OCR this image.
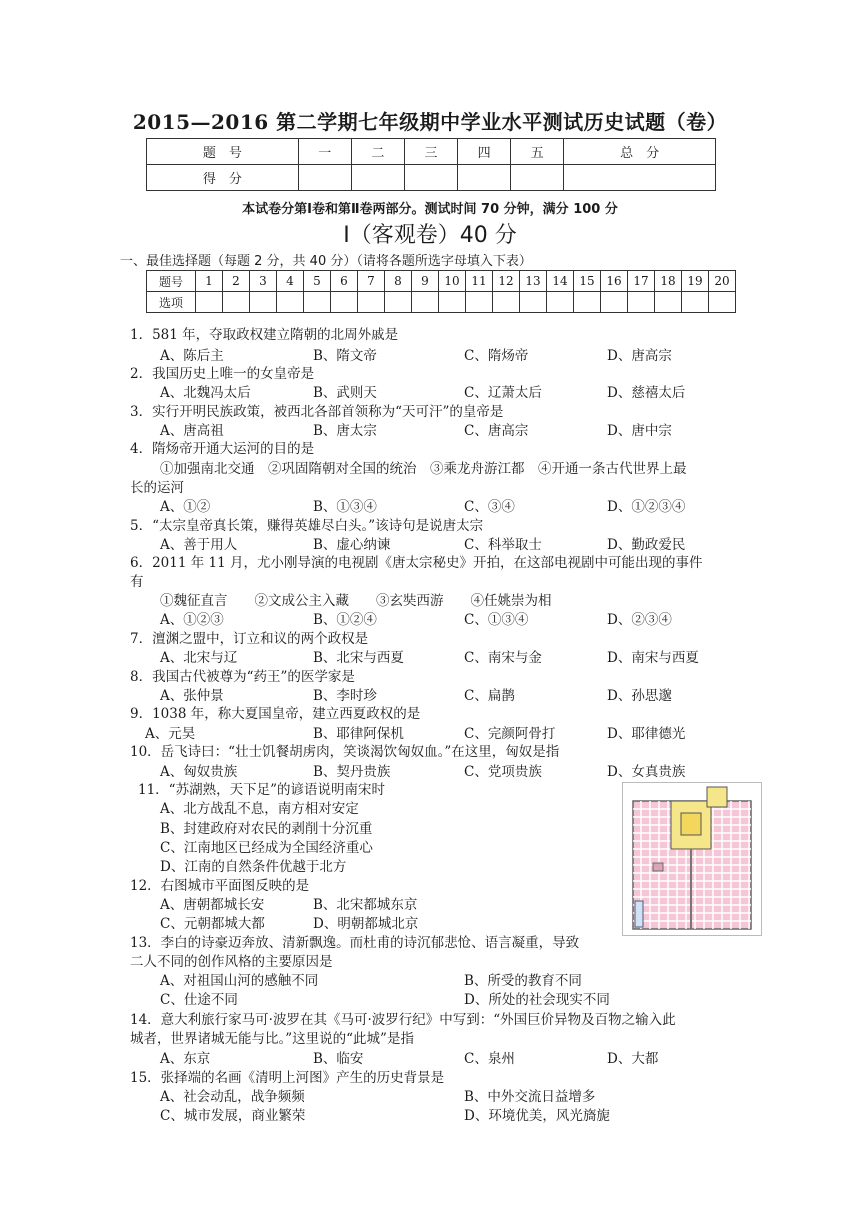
2015—2016 第二学期七年级期中学业水平测试历史试题（卷）
题　号	一	二	三	四	五	总　分
得　分						
本试卷分第Ⅰ卷和第Ⅱ卷两部分。测试时间 70 分钟，满分 100 分
Ⅰ（客观卷）40 分
一、最佳选择题（每题 2 分，共 40 分）（请将各题所选字母填入下表）
题号	1	2	3	4	5	6	7	8	9	10	11	12	13	14	15	16	17	18	19	20
选项																				
1．581 年，夺取政权建立隋朝的北周外戚是
A、陈后主	B、隋文帝	C、隋炀帝	D、唐高宗
2．我国历史上唯一的女皇帝是
A、北魏冯太后	B、武则天	C、辽萧太后	D、慈禧太后
3．实行开明民族政策，被西北各部首领称为“天可汗”的皇帝是
A、唐高祖	B、唐太宗	C、唐高宗	D、唐中宗
4．隋炀帝开通大运河的目的是
①加强南北交通　②巩固隋朝对全国的统治　③乘龙舟游江都　④开通一条古代世界上最
长的运河
A、①②	B、①③④	C、③④	D、①②③④
5．“太宗皇帝真长策，赚得英雄尽白头。”该诗句是说唐太宗
A、善于用人	B、虚心纳谏	C、科举取士	D、勤政爱民
6．2011 年 11 月，尤小刚导演的电视剧《唐太宗秘史》开拍，在这部电视剧中可能出现的事件
有
①魏征直言　　②文成公主入藏　　③玄奘西游　　④任姚崇为相
A、①②③	B、①②④	C、①③④	D、②③④
7．澶渊之盟中，订立和议的两个政权是
A、北宋与辽	B、北宋与西夏	C、南宋与金	D、南宋与西夏
8．我国古代被尊为“药王”的医学家是
A、张仲景	B、李时珍	C、扁鹊	D、孙思邈
9．1038 年，称大夏国皇帝，建立西夏政权的是
A、元昊	B、耶律阿保机	C、完颜阿骨打	D、耶律德光
10．岳飞诗曰：“壮士饥餐胡虏肉，笑谈渴饮匈奴血。”在这里，匈奴是指
A、匈奴贵族	B、契丹贵族	C、党项贵族	D、女真贵族
11．“苏湖熟，天下足”的谚语说明南宋时
A、北方战乱不息，南方相对安定
B、封建政府对农民的剥削十分沉重
C、江南地区已经成为全国经济重心
D、江南的自然条件优越于北方
12．右图城市平面图反映的是
A、唐朝都城长安	B、北宋都城东京
C、元朝都城大都	D、明朝都城北京
13．李白的诗豪迈奔放、清新飘逸。而杜甫的诗沉郁悲怆、语言凝重，导致
二人不同的创作风格的主要原因是
A、对祖国山河的感触不同	B、所受的教育不同
C、仕途不同	D、所处的社会现实不同
14．意大利旅行家马可·波罗在其《马可·波罗行纪》中写到：“外国巨价异物及百物之输入此
城者，世界诸城无能与比。”这里说的“此城”是指
A、东京	B、临安	C、泉州	D、大都
15．张择端的名画《清明上河图》产生的历史背景是
A、社会动乱，战争频频	B、中外交流日益增多
C、城市发展，商业繁荣	D、环境优美，风光旖旎
